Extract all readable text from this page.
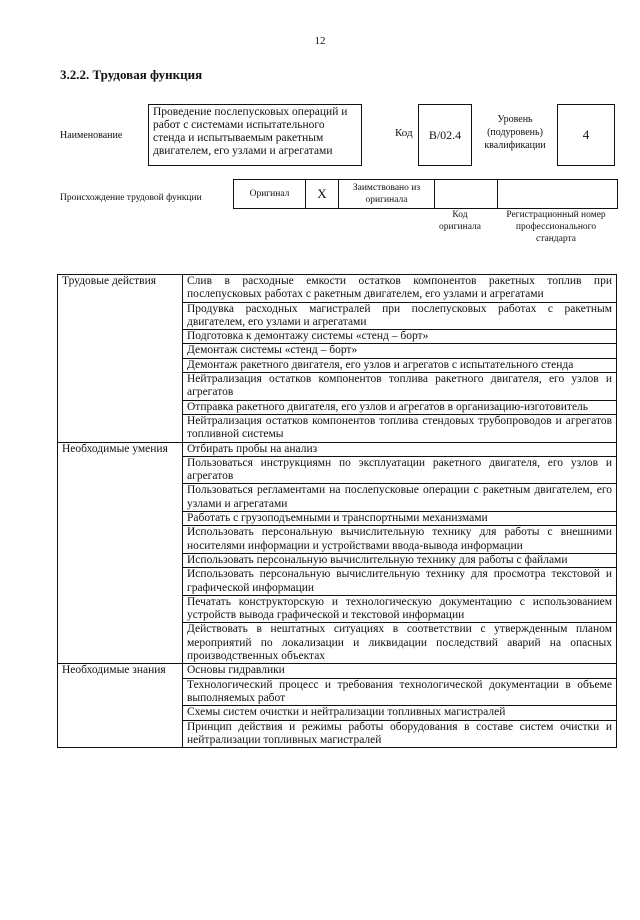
12
3.2.2. Трудовая функция
Наименование
Проведение послепусковых операций и работ с системами испытательного стенда и испытываемым ракетным двигателем, его узлами и агрегатами
Код	B/02.4
Уровень (подуровень) квалификации
4
Происхождение трудовой функции	Оригинал	X	Заимствовано из оригинала
Код оригинала
Регистрационный номер профессионального стандарта
Трудовые действия	Слив в расходные емкости остатков компонентов ракетных топлив при послепусковых работах с ракетным двигателем, его узлами и агрегатами
	Продувка расходных магистралей при послепусковых работах с ракетным двигателем, его узлами и агрегатами
	Подготовка к демонтажу системы «стенд – борт»
	Демонтаж системы «стенд – борт»
	Демонтаж ракетного двигателя, его узлов и агрегатов с испытательного стенда
	Нейтрализация остатков компонентов топлива ракетного двигателя, его узлов и агрегатов
	Отправка ракетного двигателя, его узлов и агрегатов в организацию-изготовитель
	Нейтрализация остатков компонентов топлива стендовых трубопроводов и агрегатов топливной системы
Необходимые умения	Отбирать пробы на анализ
	Пользоваться инструкциямн по эксплуатации ракетного двигателя, его узлов и агрегатов
	Пользоваться регламентами на послепусковые операции с ракетным двигателем, его узлами и агрегатами
	Работать с грузоподъемными и транспортными механизмами
	Использовать персональную вычислительную технику для работы с внешними носителями информации и устройствами ввода-вывода информации
	Использовать персональную вычислительную технику для работы с файлами
	Использовать персональную вычислительную технику для просмотра текстовой и графической информации
	Печатать конструкторскую и технологическую документацию с использованием устройств вывода графической и текстовой информации
	Действовать в нештатных ситуациях в соответствии с утвержденным планом мероприятий по локализации и ликвидации последствий аварий на опасных производственных объектах
Необходимые знания	Основы гидравлики
	Технологический процесс и требования технологической документации в объеме выполняемых работ
	Схемы систем очистки и нейтрализации топливных магистралей
	Принцип действия и режимы работы оборудования в составе систем очистки и нейтрализации топливных магистралей
